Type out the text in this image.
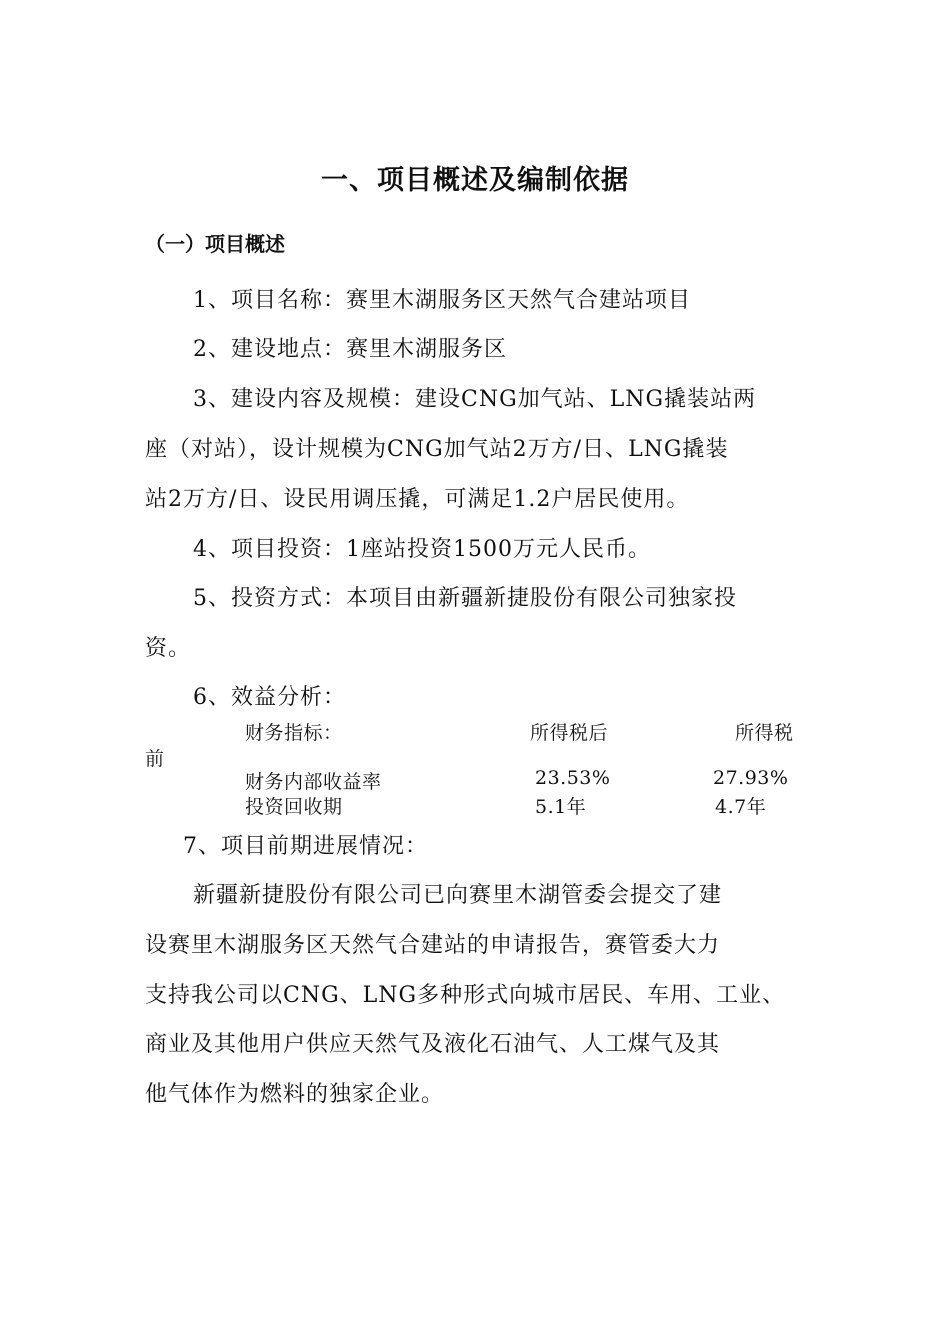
一、项目概述及编制依据
（一）项目概述
1、项目名称：赛里木湖服务区天然气合建站项目
2、建设地点：赛里木湖服务区
3、建设内容及规模：建设CNG加气站、LNG撬装站两
座（对站），设计规模为CNG加气站2万方/日、LNG撬装
站2万方/日、设民用调压撬，可满足1.2户居民使用。
4、项目投资：1座站投资1500万元人民币。
5、投资方式：本项目由新疆新捷股份有限公司独家投
资。
6、效益分析：
财务指标：	所得税后	所得税
前
财务内部收益率	23.53%	27.93%
投资回收期	5.1年	4.7年
7、项目前期进展情况：
新疆新捷股份有限公司已向赛里木湖管委会提交了建
设赛里木湖服务区天然气合建站的申请报告，赛管委大力
支持我公司以CNG、LNG多种形式向城市居民、车用、工业、
商业及其他用户供应天然气及液化石油气、人工煤气及其
他气体作为燃料的独家企业。
